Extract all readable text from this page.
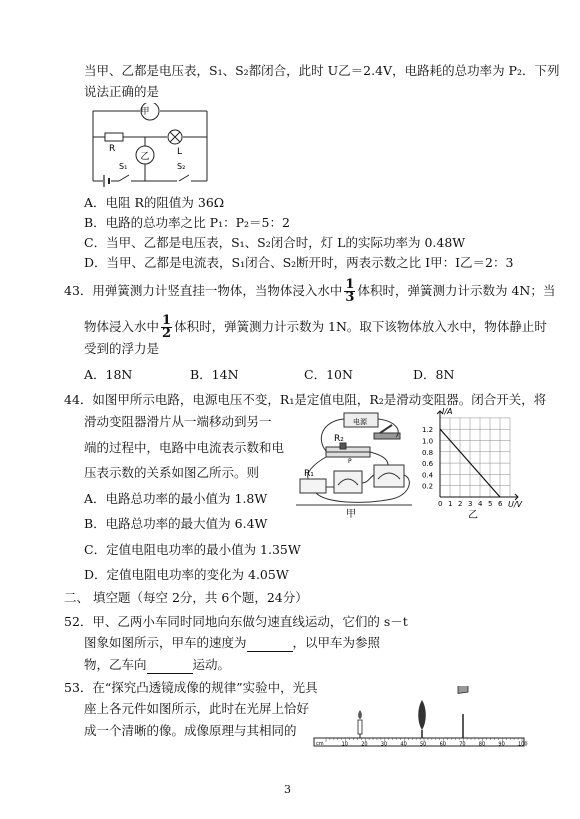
当甲、乙都是电压表，S₁、S₂都闭合，此时 U乙＝2.4V，电路耗的总功率为 P₂．下列
说法正确的是
甲
乙
R	L
S₁	S₂
A．电阻 R的阻值为 36Ω
B．电路的总功率之比 P₁：P₂＝5：2
C．当甲、乙都是电压表，S₁、S₂闭合时，灯 L的实际功率为 0.48W
D．当甲、乙都是电流表，S₁闭合、S₂断开时，两表示数之比 I甲：I乙＝2：3
43．用弹簧测力计竖直挂一物体，当物体浸入水中 $\frac{1}{3}$ 体积时，弹簧测力计示数为 4N；当
物体浸入水中 $\frac{1}{2}$ 体积时，弹簧测力计示数为 1N。取下该物体放入水中，物体静止时
受到的浮力是
A．18N	B．14N	C．10N	D．8N
44．如图甲所示电路，电源电压不变，R₁是定值电阻，R₂是滑动变阻器。闭合开关，将
滑动变阻器滑片从一端移动到另一
端的过程中，电路中电流表示数和电
压表示数的关系如图乙所示。则
A．电路总功率的最小值为 1.8W
B．电路总功率的最大值为 6.4W
C．定值电阻电功率的最小值为 1.35W
D．定值电阻电功率的变化为 4.05W
电源
R₂
P
R₁
甲
1.2
1.0
0.8
0.6
0.4
0.2
0 1 2 3 4 5 6
I/A
U/V
乙
二、 填空题（每空 2分，共 6个题，24分）
52．甲、乙两小车同时同地向东做匀速直线运动，它们的 s－t
图象如图所示，甲车的速度为	，以甲车为参照
物，乙车向	运动。
53．在“探究凸透镜成像的规律”实验中，光具
座上各元件如图所示，此时在光屏上恰好
成一个清晰的像。成像原理与其相同的
cm	10	20	30	40	50	60	70	80	90	100
3
